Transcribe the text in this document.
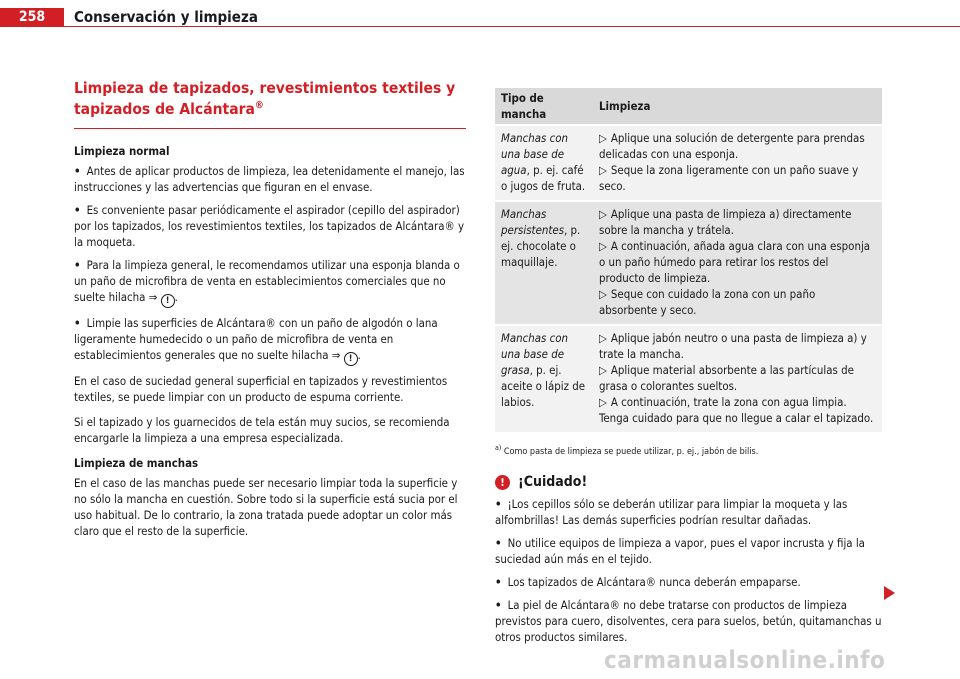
258	Conservación y limpieza
Limpieza de tapizados, revestimientos textiles y tapizados de Alcántara®
Limpieza normal
• Antes de aplicar productos de limpieza, lea detenidamente el manejo, las instrucciones y las advertencias que figuran en el envase.
• Es conveniente pasar periódicamente el aspirador (cepillo del aspirador) por los tapizados, los revestimientos textiles, los tapizados de Alcántara® y la moqueta.
• Para la limpieza general, le recomendamos utilizar una esponja blanda o un paño de microfibra de venta en establecimientos comerciales que no suelte hilacha ⇒ ! .
• Limpie las superficies de Alcántara® con un paño de algodón o lana ligeramente humedecido o un paño de microfibra de venta en establecimientos generales que no suelte hilacha ⇒ ! .

En el caso de suciedad general superficial en tapizados y revestimientos textiles, se puede limpiar con un producto de espuma corriente.

Si el tapizado y los guarnecidos de tela están muy sucios, se recomienda encargarle la limpieza a una empresa especializada.

Limpieza de manchas

En el caso de las manchas puede ser necesario limpiar toda la superficie y no sólo la mancha en cuestión. Sobre todo si la superficie está sucia por el uso habitual. De lo contrario, la zona tratada puede adoptar un color más claro que el resto de la superficie.

Tipo de mancha	Limpieza
Manchas con una base de agua, p. ej. café o jugos de fruta.	▷ Aplique una solución de detergente para prendas delicadas con una esponja.
▷ Seque la zona ligeramente con un paño suave y seco.

Manchas persistentes, p. ej. chocolate o maquillaje.	▷ Aplique una pasta de limpieza a) directamente sobre la mancha y trátela.
▷ A continuación, añada agua clara con una esponja o un paño húmedo para retirar los restos del producto de limpieza.
▷ Seque con cuidado la zona con un paño absorbente y seco.

Manchas con una base de grasa, p. ej. aceite o lápiz de labios.	▷ Aplique jabón neutro o una pasta de limpieza a) y trate la mancha.
▷ Aplique material absorbente a las partículas de grasa o colorantes sueltos.
▷ A continuación, trate la zona con agua limpia. Tenga cuidado para que no llegue a calar el tapizado.

$^{a)}$ Como pasta de limpieza se puede utilizar, p. ej., jabón de bilis.

! ¡Cuidado!
• ¡Los cepillos sólo se deberán utilizar para limpiar la moqueta y las alfombrillas! Las demás superficies podrían resultar dañadas.
• No utilice equipos de limpieza a vapor, pues el vapor incrusta y fija la suciedad aún más en el tejido.
• Los tapizados de Alcántara® nunca deberán empaparse.
• La piel de Alcántara® no debe tratarse con productos de limpieza previstos para cuero, disolventes, cera para suelos, betún, quitamanchas u otros productos similares.
carmanualsonline.info
